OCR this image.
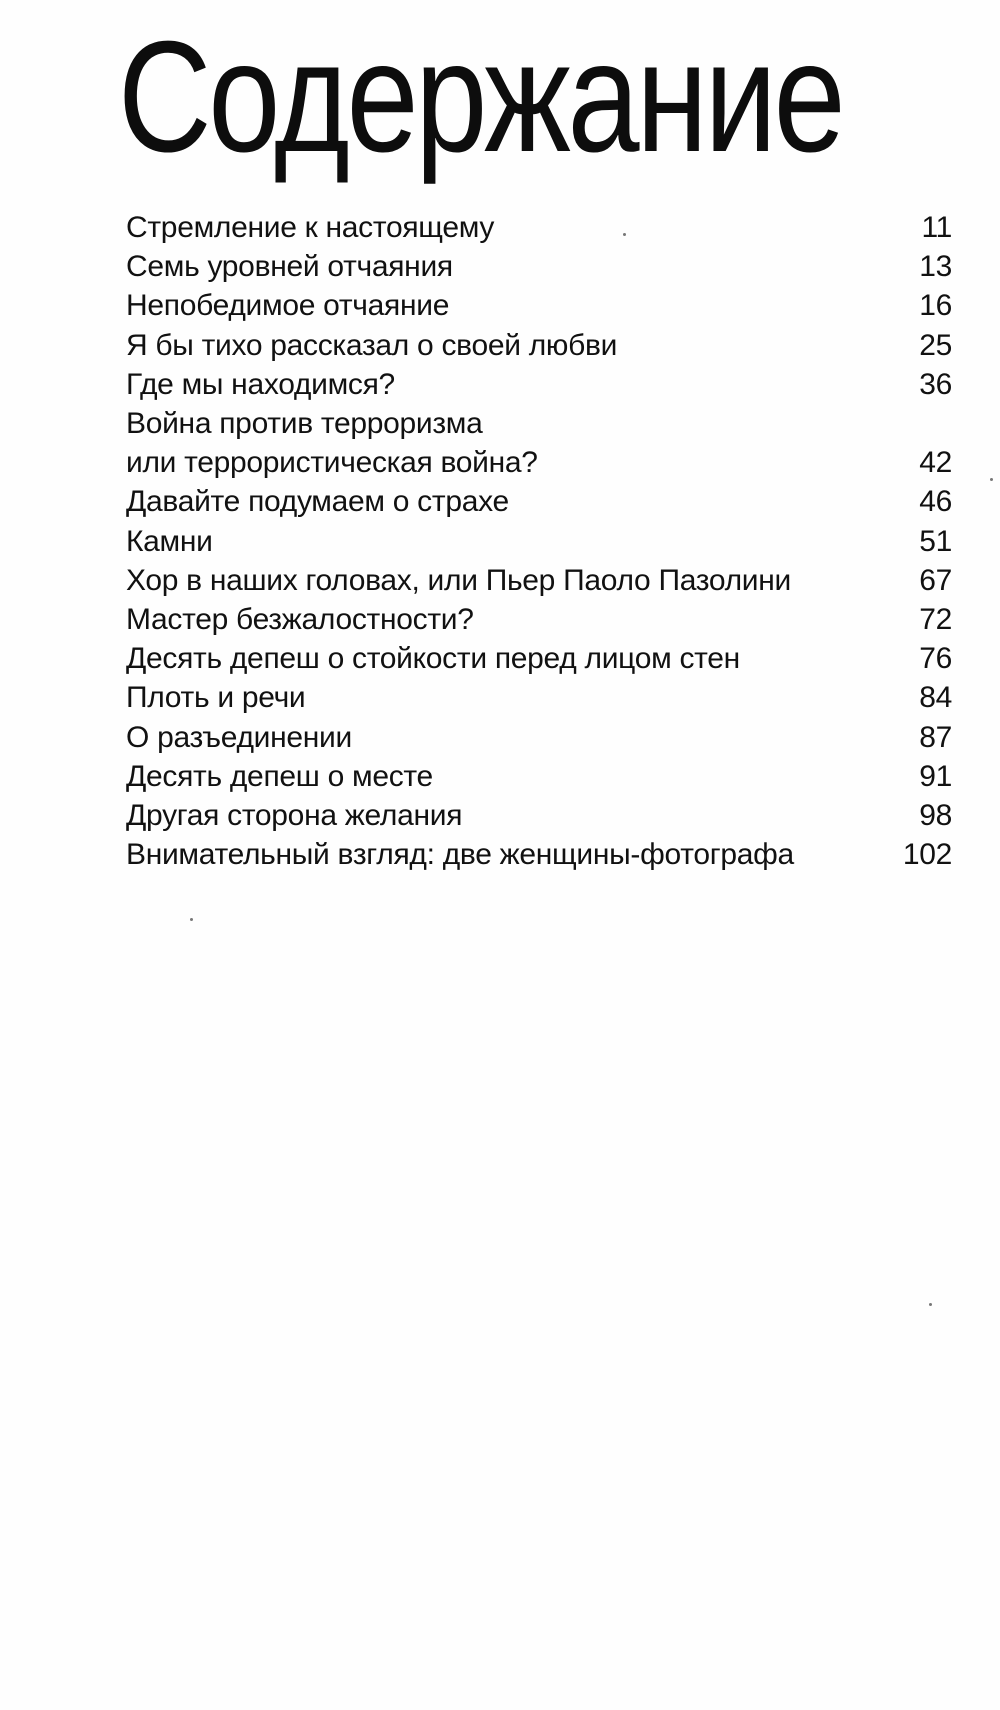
Содержание
Стремление к настоящему	11
Семь уровней отчаяния	13
Непобедимое отчаяние	16
Я бы тихо рассказал о своей любви	25
Где мы находимся?	36
Война против терроризма
или террористическая война?	42
Давайте подумаем о страхе	46
Камни	51
Хор в наших головах, или Пьер Паоло Пазолини	67
Мастер безжалостности?	72
Десять депеш о стойкости перед лицом стен	76
Плоть и речи	84
О разъединении	87
Десять депеш о месте	91
Другая сторона желания	98
Внимательный взгляд: две женщины-фотографа	102
